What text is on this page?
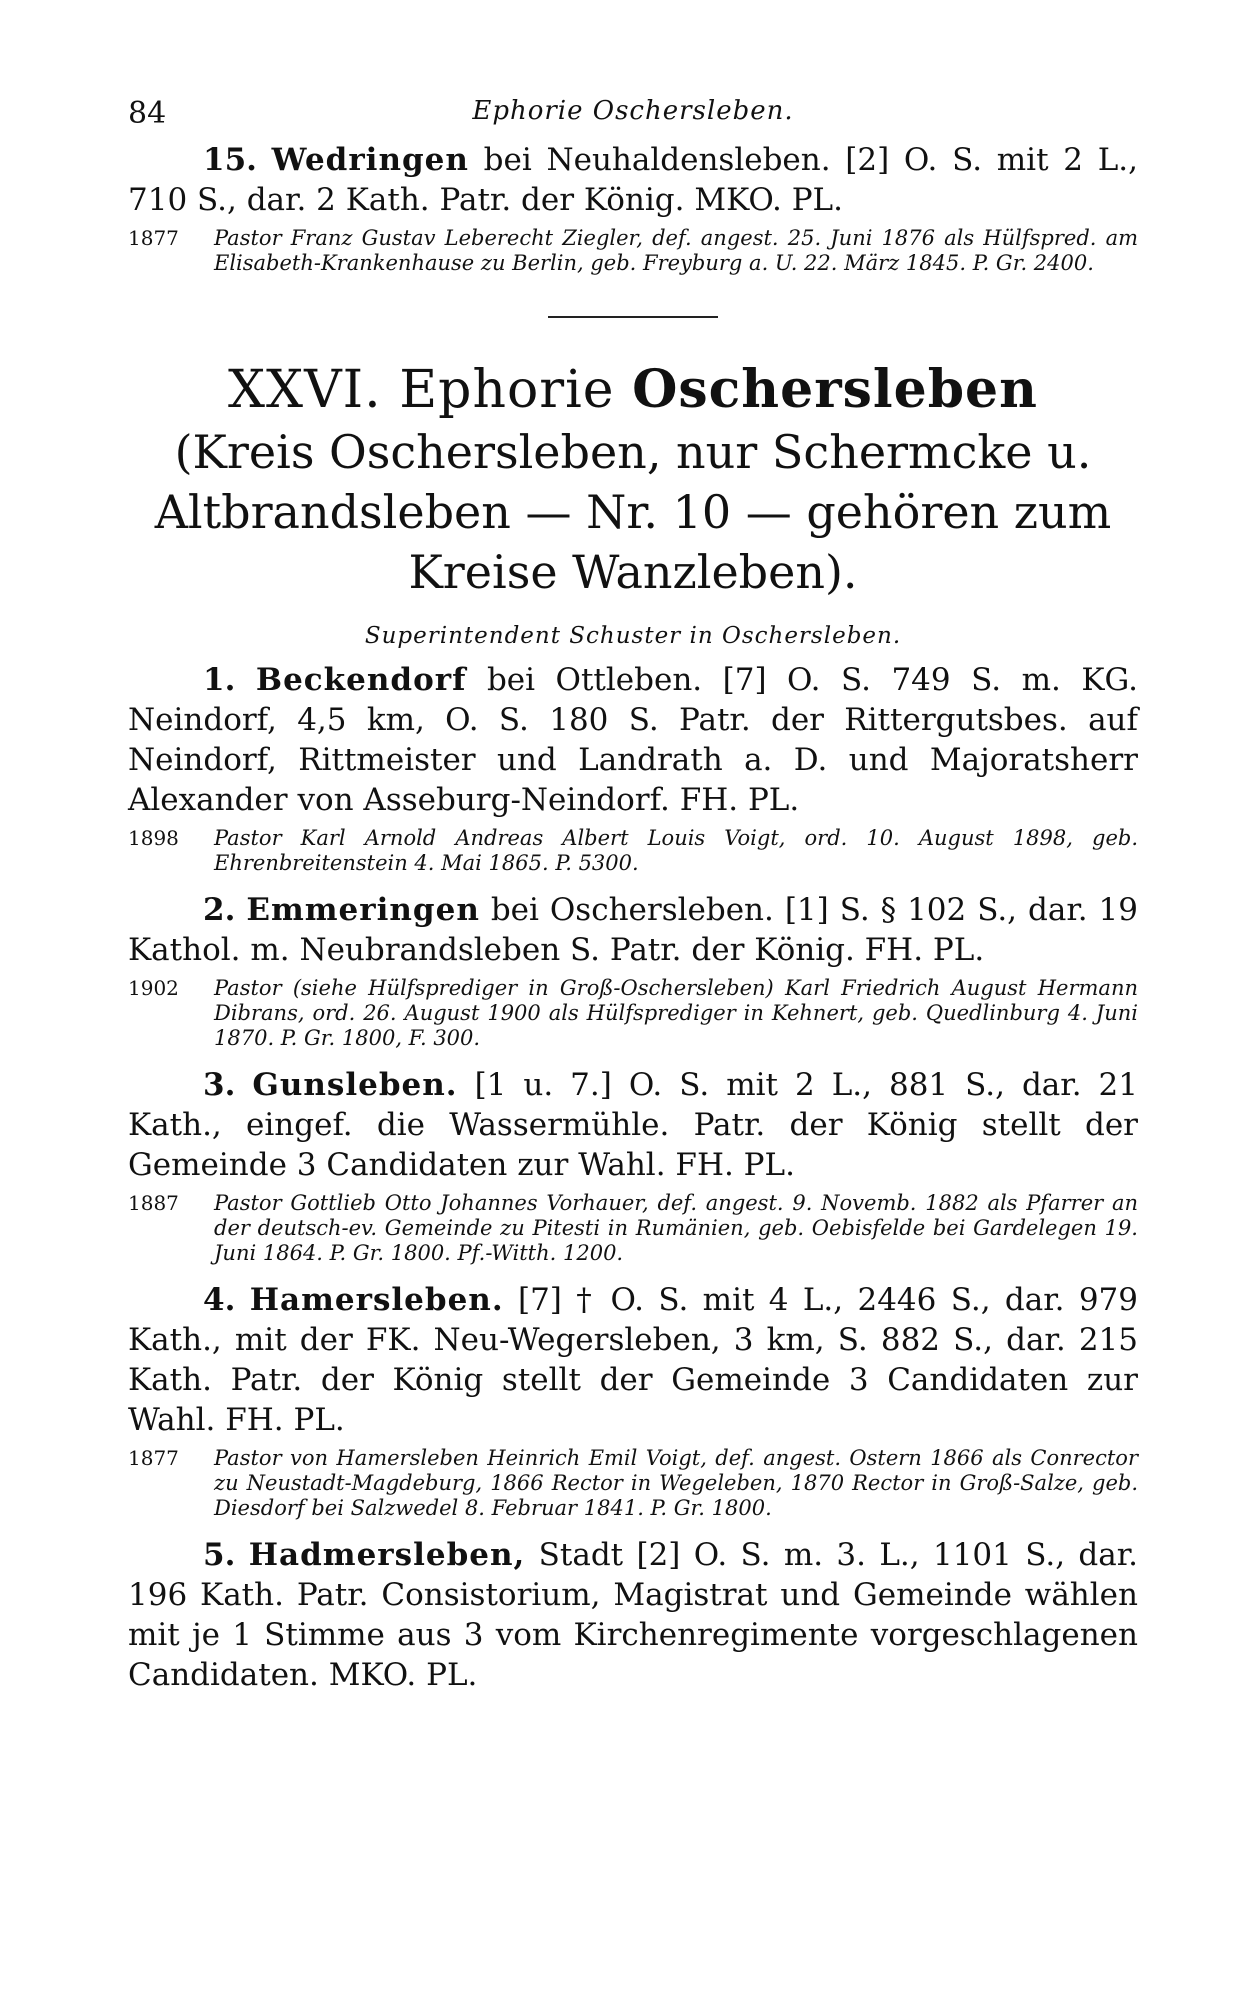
84	Ephorie Oschersleben.

15. Wedringen bei Neuhaldensleben. [2] O. S. mit 2 L., 710 S., dar. 2 Kath. Patr. der König. MKO. PL.

1877 Pastor Franz Gustav Leberecht Ziegler, def. angest. 25. Juni 1876 als Hülfspred. am Elisabeth-Krankenhause zu Berlin, geb. Freyburg a. U. 22. März 1845. P. Gr. 2400.

XXVI. Ephorie Oschersleben

(Kreis Oschersleben, nur Schermcke u. Altbrandsleben — Nr. 10 — gehören zum Kreise Wanzleben).

Superintendent Schuster in Oschersleben.

1. Beckendorf bei Ottleben. [7] O. S. 749 S. m. KG. Neindorf, 4,5 km, O. S. 180 S. Patr. der Rittergutsbes. auf Neindorf, Rittmeister und Landrath a. D. und Majoratsherr Alexander von Asseburg-Neindorf. FH. PL.

1898 Pastor Karl Arnold Andreas Albert Louis Voigt, ord. 10. August 1898, geb. Ehrenbreitenstein 4. Mai 1865. P. 5300.

2. Emmeringen bei Oschersleben. [1] S. § 102 S., dar. 19 Kathol. m. Neubrandsleben S. Patr. der König. FH. PL.

1902 Pastor (siehe Hülfsprediger in Groß-Oschersleben) Karl Friedrich August Hermann Dibrans, ord. 26. August 1900 als Hülfsprediger in Kehnert, geb. Quedlinburg 4. Juni 1870. P. Gr. 1800, F. 300.

3. Gunsleben. [1 u. 7.] O. S. mit 2 L., 881 S., dar. 21 Kath., eingef. die Wassermühle. Patr. der König stellt der Gemeinde 3 Candidaten zur Wahl. FH. PL.

1887 Pastor Gottlieb Otto Johannes Vorhauer, def. angest. 9. Novemb. 1882 als Pfarrer an der deutsch-ev. Gemeinde zu Pitesti in Rumänien, geb. Oebisfelde bei Gardelegen 19. Juni 1864. P. Gr. 1800. Pf.-Witth. 1200.

4. Hamersleben. [7] † O. S. mit 4 L., 2446 S., dar. 979 Kath., mit der FK. Neu-Wegersleben, 3 km, S. 882 S., dar. 215 Kath. Patr. der König stellt der Gemeinde 3 Candidaten zur Wahl. FH. PL.

1877 Pastor von Hamersleben Heinrich Emil Voigt, def. angest. Ostern 1866 als Conrector zu Neustadt-Magdeburg, 1866 Rector in Wegeleben, 1870 Rector in Groß-Salze, geb. Diesdorf bei Salzwedel 8. Februar 1841. P. Gr. 1800.

5. Hadmersleben, Stadt [2] O. S. m. 3. L., 1101 S., dar. 196 Kath. Patr. Consistorium, Magistrat und Gemeinde wählen mit je 1 Stimme aus 3 vom Kirchenregimente vorgeschlagenen Candidaten. MKO. PL.
